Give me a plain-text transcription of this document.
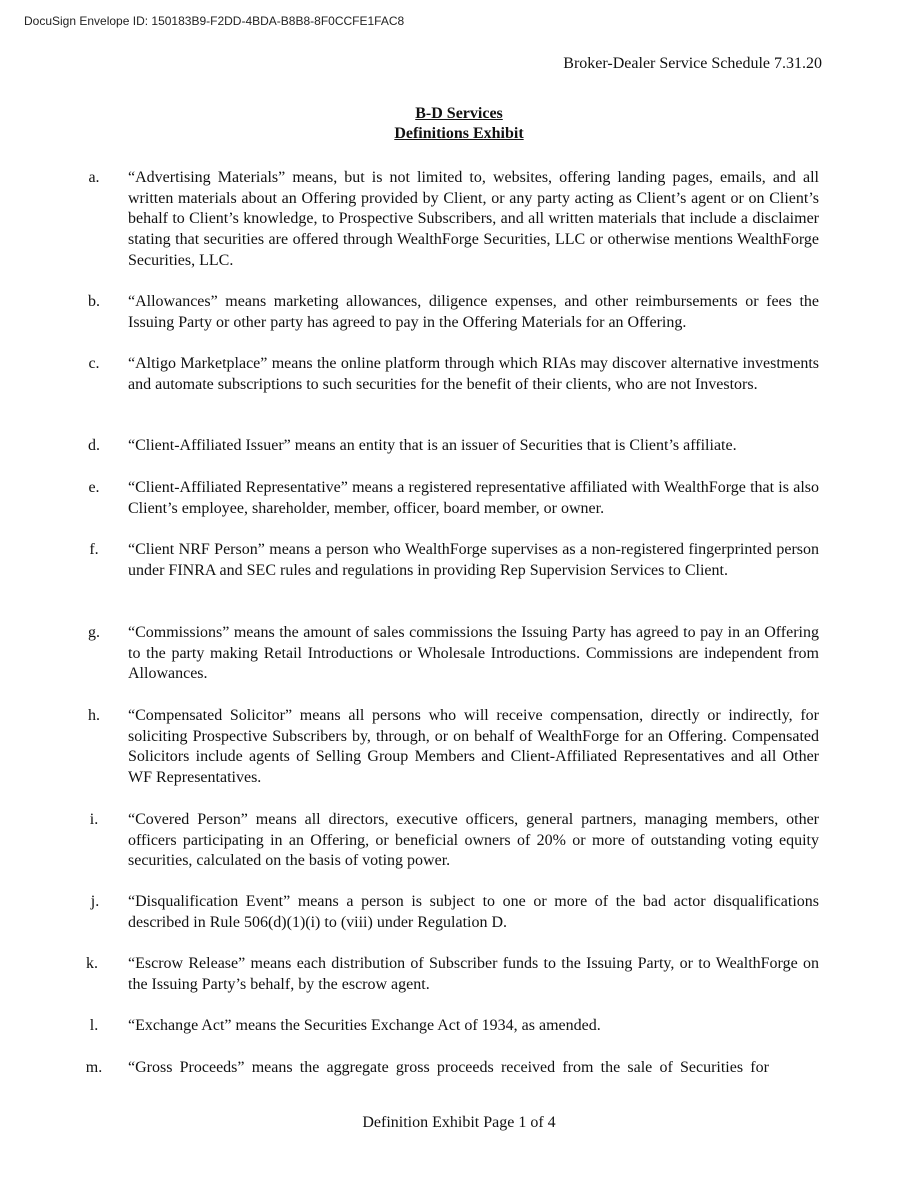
DocuSign Envelope ID: 150183B9-F2DD-4BDA-B8B8-8F0CCFE1FAC8
Broker-Dealer Service Schedule 7.31.20
B-D Services
Definitions Exhibit
a.	“Advertising Materials” means, but is not limited to, websites, offering landing pages, emails, and all written materials about an Offering provided by Client, or any party acting as Client’s agent or on Client’s behalf to Client’s knowledge, to Prospective Subscribers, and all written materials that include a disclaimer stating that securities are offered through WealthForge Securities, LLC or otherwise mentions WealthForge Securities, LLC.
b.	“Allowances” means marketing allowances, diligence expenses, and other reimbursements or fees the Issuing Party or other party has agreed to pay in the Offering Materials for an Offering.
c.	“Altigo Marketplace” means the online platform through which RIAs may discover alternative investments and automate subscriptions to such securities for the benefit of their clients, who are not Investors.
d.	“Client-Affiliated Issuer” means an entity that is an issuer of Securities that is Client’s affiliate.
e.	“Client-Affiliated Representative” means a registered representative affiliated with WealthForge that is also Client’s employee, shareholder, member, officer, board member, or owner.
f.	“Client NRF Person” means a person who WealthForge supervises as a non-registered fingerprinted person under FINRA and SEC rules and regulations in providing Rep Supervision Services to Client.
g.	“Commissions” means the amount of sales commissions the Issuing Party has agreed to pay in an Offering to the party making Retail Introductions or Wholesale Introductions. Commissions are independent from Allowances.
h.	“Compensated Solicitor” means all persons who will receive compensation, directly or indirectly, for soliciting Prospective Subscribers by, through, or on behalf of WealthForge for an Offering. Compensated Solicitors include agents of Selling Group Members and Client-Affiliated Representatives and all Other WF Representatives.
i.	“Covered Person” means all directors, executive officers, general partners, managing members, other officers participating in an Offering, or beneficial owners of 20% or more of outstanding voting equity securities, calculated on the basis of voting power.
j.	“Disqualification Event” means a person is subject to one or more of the bad actor disqualifications described in Rule 506(d)(1)(i) to (viii) under Regulation D.
k.	“Escrow Release” means each distribution of Subscriber funds to the Issuing Party, or to WealthForge on the Issuing Party’s behalf, by the escrow agent.
l.	“Exchange Act” means the Securities Exchange Act of 1934, as amended.
m.	“Gross Proceeds” means the aggregate gross proceeds received from the sale of Securities for
Definition Exhibit Page 1 of 4
